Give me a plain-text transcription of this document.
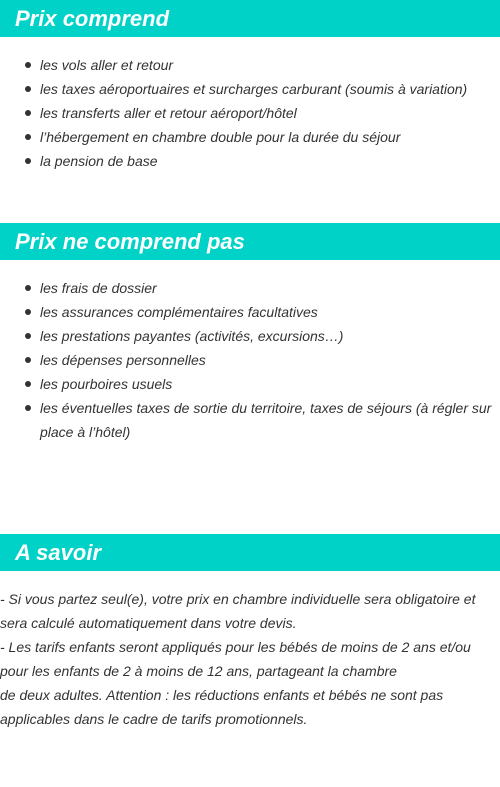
Prix comprend
les vols aller et retour
les taxes aéroportuaires et surcharges carburant (soumis à variation)
les transferts aller et retour aéroport/hôtel
l’hébergement en chambre double pour la durée du séjour
la pension de base
Prix ne comprend pas
les frais de dossier
les assurances complémentaires facultatives
les prestations payantes (activités, excursions…)
les dépenses personnelles
les pourboires usuels
les éventuelles taxes de sortie du territoire, taxes de séjours (à régler sur place à l’hôtel)
A savoir

- Si vous partez seul(e), votre prix en chambre individuelle sera obligatoire et sera calculé automatiquement dans votre devis.

- Les tarifs enfants seront appliqués pour les bébés de moins de 2 ans et/ou pour les enfants de 2 à moins de 12 ans, partageant la chambre

de deux adultes. Attention : les réductions enfants et bébés ne sont pas applicables dans le cadre de tarifs promotionnels.
